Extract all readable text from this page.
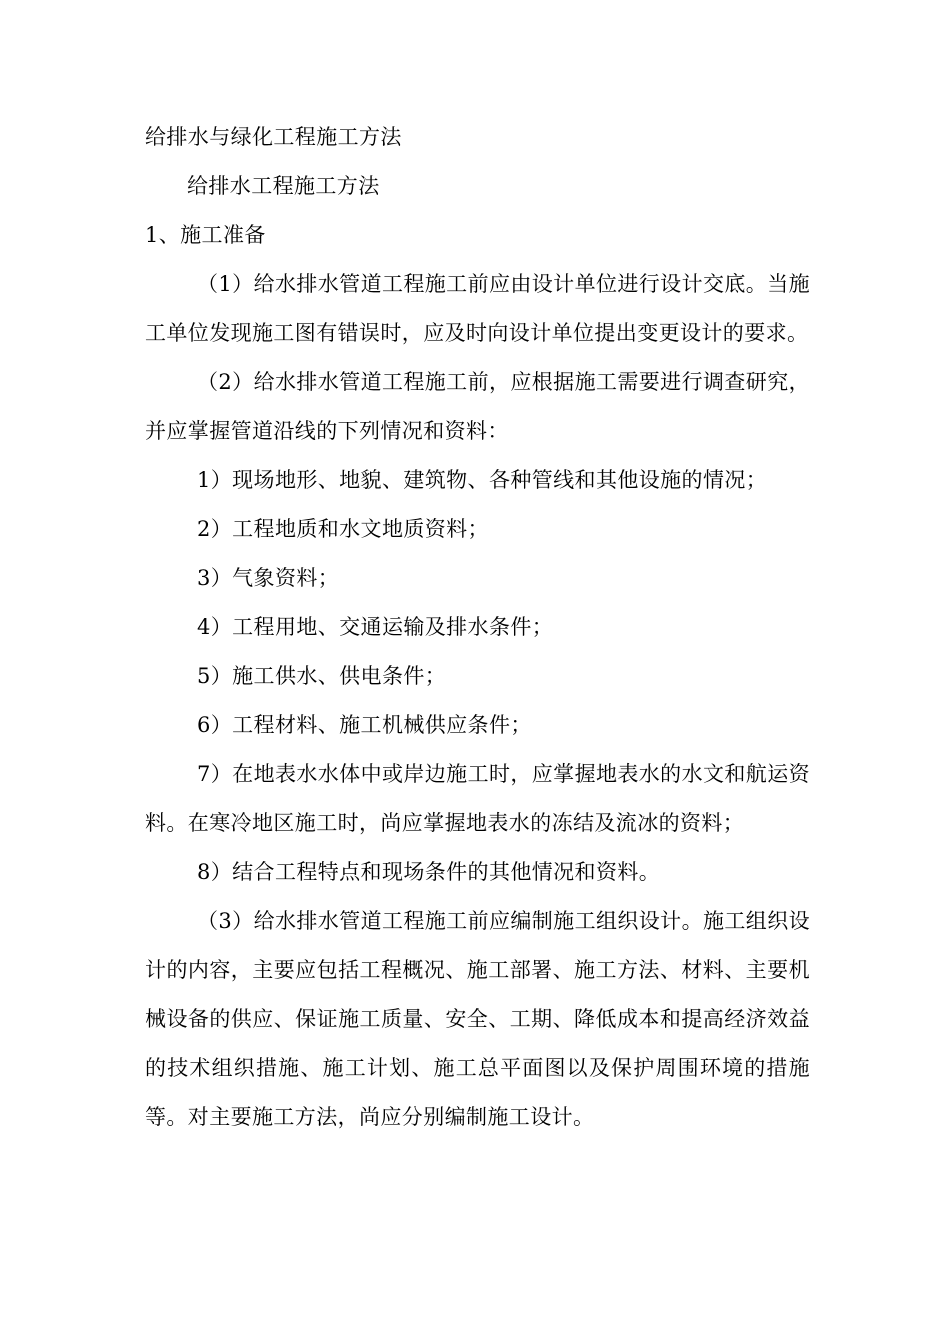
给排水与绿化工程施工方法

给排水工程施工方法

1、施工准备

（1）给水排水管道工程施工前应由设计单位进行设计交底。当施工单位发现施工图有错误时，应及时向设计单位提出变更设计的要求。

（2）给水排水管道工程施工前，应根据施工需要进行调查研究，并应掌握管道沿线的下列情况和资料：

1）现场地形、地貌、建筑物、各种管线和其他设施的情况；

2）工程地质和水文地质资料；

3）气象资料；

4）工程用地、交通运输及排水条件；

5）施工供水、供电条件；

6）工程材料、施工机械供应条件；

7）在地表水水体中或岸边施工时，应掌握地表水的水文和航运资料。在寒冷地区施工时，尚应掌握地表水的冻结及流冰的资料；

8）结合工程特点和现场条件的其他情况和资料。

（3）给水排水管道工程施工前应编制施工组织设计。施工组织设计的内容，主要应包括工程概况、施工部署、施工方法、材料、主要机械设备的供应、保证施工质量、安全、工期、降低成本和提高经济效益的技术组织措施、施工计划、施工总平面图以及保护周围环境的措施等。对主要施工方法，尚应分别编制施工设计。
